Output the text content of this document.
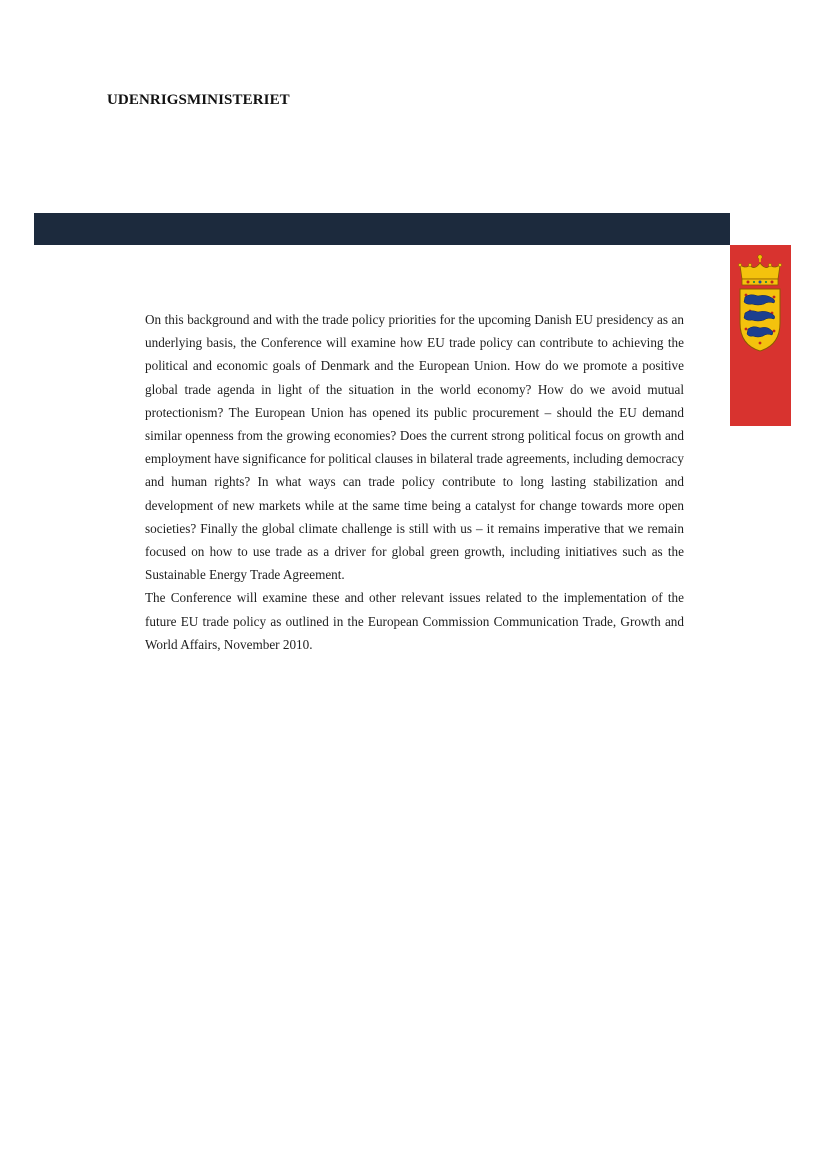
UDENRIGSMINISTERIET

On this background and with the trade policy priorities for the upcoming Danish EU presidency as an underlying basis, the Conference will examine how EU trade policy can contribute to achieving the political and economic goals of Denmark and the European Union. How do we promote a positive global trade agenda in light of the situation in the world economy? How do we avoid mutual protectionism? The European Union has opened its public procurement – should the EU demand similar openness from the growing economies? Does the current strong political focus on growth and employment have significance for political clauses in bilateral trade agreements, including democracy and human rights? In what ways can trade policy contribute to long lasting stabilization and development of new markets while at the same time being a catalyst for change towards more open societies? Finally the global climate challenge is still with us – it remains imperative that we remain focused on how to use trade as a driver for global green growth, including initiatives such as the Sustainable Energy Trade Agreement.

The Conference will examine these and other relevant issues related to the implementation of the future EU trade policy as outlined in the European Commission Communication Trade, Growth and World Affairs, November 2010.
